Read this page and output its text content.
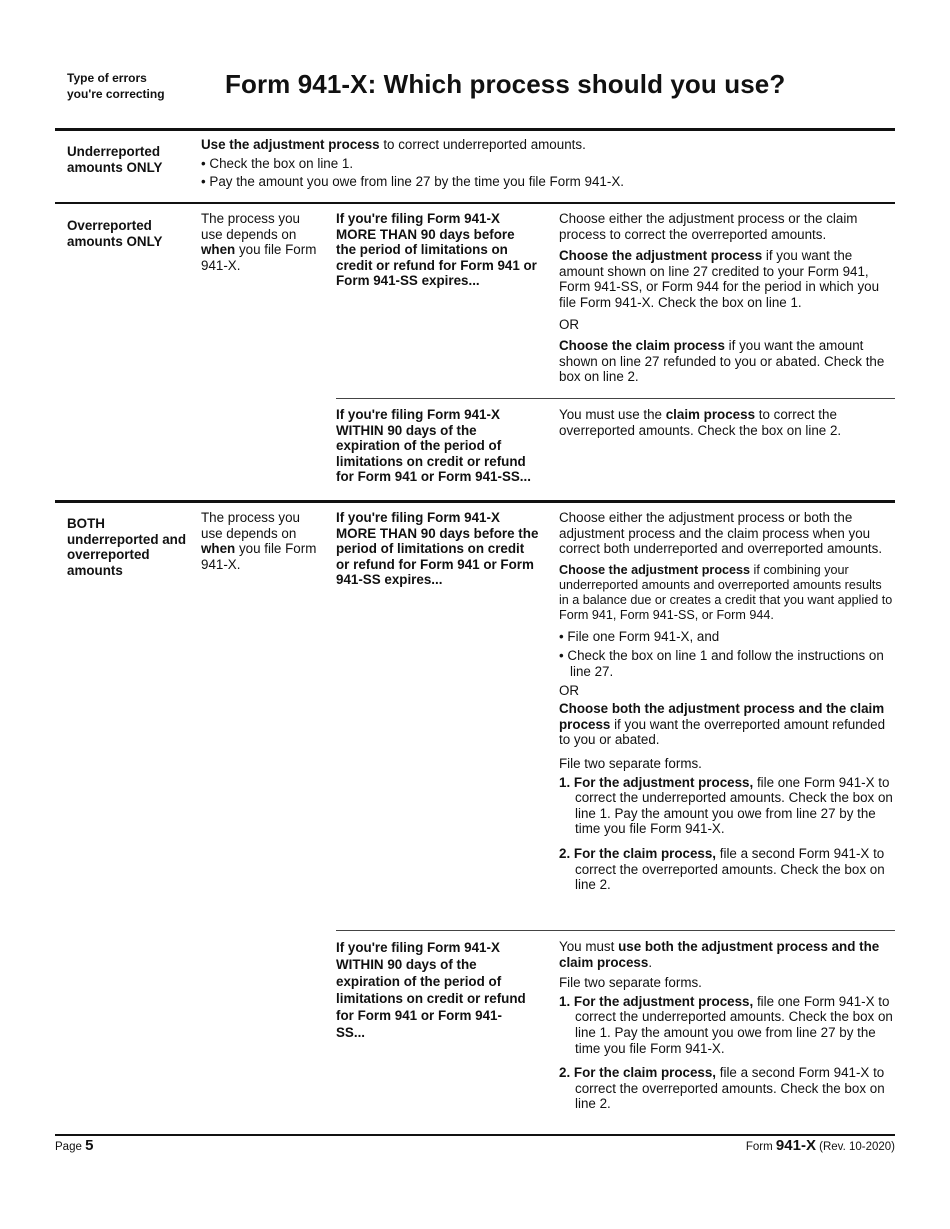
Type of errors you're correcting Form 941-X: Which process should you use?
Underreported amounts ONLY

Use the adjustment process to correct underreported amounts.

• Check the box on line 1.

• Pay the amount you owe from line 27 by the time you file Form 941-X.

Overreported amounts ONLY
The process you use depends on when you file Form 941-X.
If you're filing Form 941-X MORE THAN 90 days before the period of limitations on credit or refund for Form 941 or Form 941-SS expires...

Choose either the adjustment process or the claim process to correct the overreported amounts.

Choose the adjustment process if you want the amount shown on line 27 credited to your Form 941, Form 941-SS, or Form 944 for the period in which you file Form 941-X. Check the box on line 1.

OR

Choose the claim process if you want the amount shown on line 27 refunded to you or abated. Check the box on line 2.

If you're filing Form 941-X WITHIN 90 days of the expiration of the period of limitations on credit or refund for Form 941 or Form 941-SS...
You must use the claim process to correct the overreported amounts. Check the box on line 2.
BOTH underreported and overreported amounts
The process you use depends on when you file Form 941-X.
If you're filing Form 941-X MORE THAN 90 days before the period of limitations on credit or refund for Form 941 or Form 941-SS expires...

Choose either the adjustment process or both the adjustment process and the claim process when you correct both underreported and overreported amounts.

Choose the adjustment process if combining your underreported amounts and overreported amounts results in a balance due or creates a credit that you want applied to Form 941, Form 941-SS, or Form 944.

• File one Form 941-X, and

• Check the box on line 1 and follow the instructions on line 27.

OR

Choose both the adjustment process and the claim process if you want the overreported amount refunded to you or abated.

File two separate forms.

1. For the adjustment process, file one Form 941-X to correct the underreported amounts. Check the box on line 1. Pay the amount you owe from line 27 by the time you file Form 941-X.

2. For the claim process, file a second Form 941-X to correct the overreported amounts. Check the box on line 2.

If you're filing Form 941-X WITHIN 90 days of the expiration of the period of limitations on credit or refund for Form 941 or Form 941-SS...

You must use both the adjustment process and the claim process.

File two separate forms.

1. For the adjustment process, file one Form 941-X to correct the underreported amounts. Check the box on line 1. Pay the amount you owe from line 27 by the time you file Form 941-X.

2. For the claim process, file a second Form 941-X to correct the overreported amounts. Check the box on line 2.

Page 5	Form 941-X (Rev. 10-2020)
